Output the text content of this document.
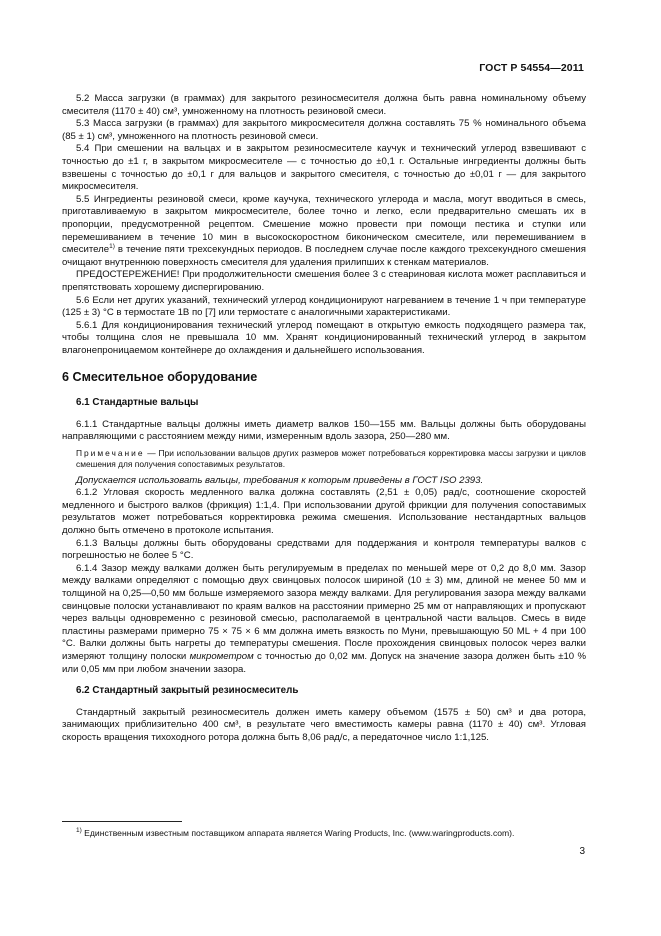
ГОСТ Р 54554—2011

5.2 Масса загрузки (в граммах) для закрытого резиносмесителя должна быть равна номинальному объему смесителя (1170 ± 40) см³, умноженному на плотность резиновой смеси.

5.3 Масса загрузки (в граммах) для закрытого микросмесителя должна составлять 75 % номинального объема (85 ± 1) см³, умноженного на плотность резиновой смеси.

5.4 При смешении на вальцах и в закрытом резиносмесителе каучук и технический углерод взвешивают с точностью до ±1 г, в закрытом микросмесителе — с точностью до ±0,1 г. Остальные ингредиенты должны быть взвешены с точностью до ±0,1 г для вальцов и закрытого смесителя, с точностью до ±0,01 г — для закрытого микросмесителя.

5.5 Ингредиенты резиновой смеси, кроме каучука, технического углерода и масла, могут вводиться в смесь, приготавливаемую в закрытом микросмесителе, более точно и легко, если предварительно смешать их в пропорции, предусмотренной рецептом. Смешение можно провести при помощи пестика и ступки или перемешиванием в течение 10 мин в высокоскоростном биконическом смесителе, или перемешиванием в смесителе$^{1)}$ в течение пяти трехсекундных периодов. В последнем случае после каждого трехсекундного смешения очищают внутреннюю поверхность смесителя для удаления прилипших к стенкам материалов.

ПРЕДОСТЕРЕЖЕНИЕ! При продолжительности смешения более 3 с стеариновая кислота может расплавиться и препятствовать хорошему диспергированию.

5.6 Если нет других указаний, технический углерод кондиционируют нагреванием в течение 1 ч при температуре (125 ± 3) °С в термостате 1В по [7] или термостате с аналогичными характеристиками.

5.6.1 Для кондиционирования технический углерод помещают в открытую емкость подходящего размера так, чтобы толщина слоя не превышала 10 мм. Хранят кондиционированный технический углерод в закрытом влагонепроницаемом контейнере до охлаждения и дальнейшего использования.

6 Смесительное оборудование
6.1 Стандартные вальцы

6.1.1 Стандартные вальцы должны иметь диаметр валков 150—155 мм. Вальцы должны быть оборудованы направляющими с расстоянием между ними, измеренным вдоль зазора, 250—280 мм.

Примечание — При использовании вальцов других размеров может потребоваться корректировка массы загрузки и циклов смешения для получения сопоставимых результатов.

Допускается использовать вальцы, требования к которым приведены в ГОСТ ISO 2393.

6.1.2 Угловая скорость медленного валка должна составлять (2,51 ± 0,05) рад/с, соотношение скоростей медленного и быстрого валков (фрикция) 1:1,4. При использовании другой фрикции для получения сопоставимых результатов может потребоваться корректировка режима смешения. Использование нестандартных вальцов должно быть отмечено в протоколе испытания.

6.1.3 Вальцы должны быть оборудованы средствами для поддержания и контроля температуры валков с погрешностью не более 5 °С.

6.1.4 Зазор между валками должен быть регулируемым в пределах по меньшей мере от 0,2 до 8,0 мм. Зазор между валками определяют с помощью двух свинцовых полосок шириной (10 ± 3) мм, длиной не менее 50 мм и толщиной на 0,25—0,50 мм больше измеряемого зазора между валками. Для регулирования зазора между валками свинцовые полоски устанавливают по краям валков на расстоянии примерно 25 мм от направляющих и пропускают через вальцы одновременно с резиновой смесью, располагаемой в центральной части вальцов. Смесь в виде пластины размерами примерно 75 × 75 × 6 мм должна иметь вязкость по Муни, превышающую 50 ML + 4 при 100 °С. Валки должны быть нагреты до температуры смешения. После прохождения свинцовых полосок через валки измеряют толщину полоски микрометром с точностью до 0,02 мм. Допуск на значение зазора должен быть ±10 % или 0,05 мм при любом значении зазора.

6.2 Стандартный закрытый резиносмеситель

Стандартный закрытый резиносмеситель должен иметь камеру объемом (1575 ± 50) см³ и два ротора, занимающих приблизительно 400 см³, в результате чего вместимость камеры равна (1170 ± 40) см³. Угловая скорость вращения тихоходного ротора должна быть 8,06 рад/с, а передаточное число 1:1,125.

$^{1)}$ Единственным известным поставщиком аппарата является Waring Products, Inc. (www.waringproducts.com).
3
